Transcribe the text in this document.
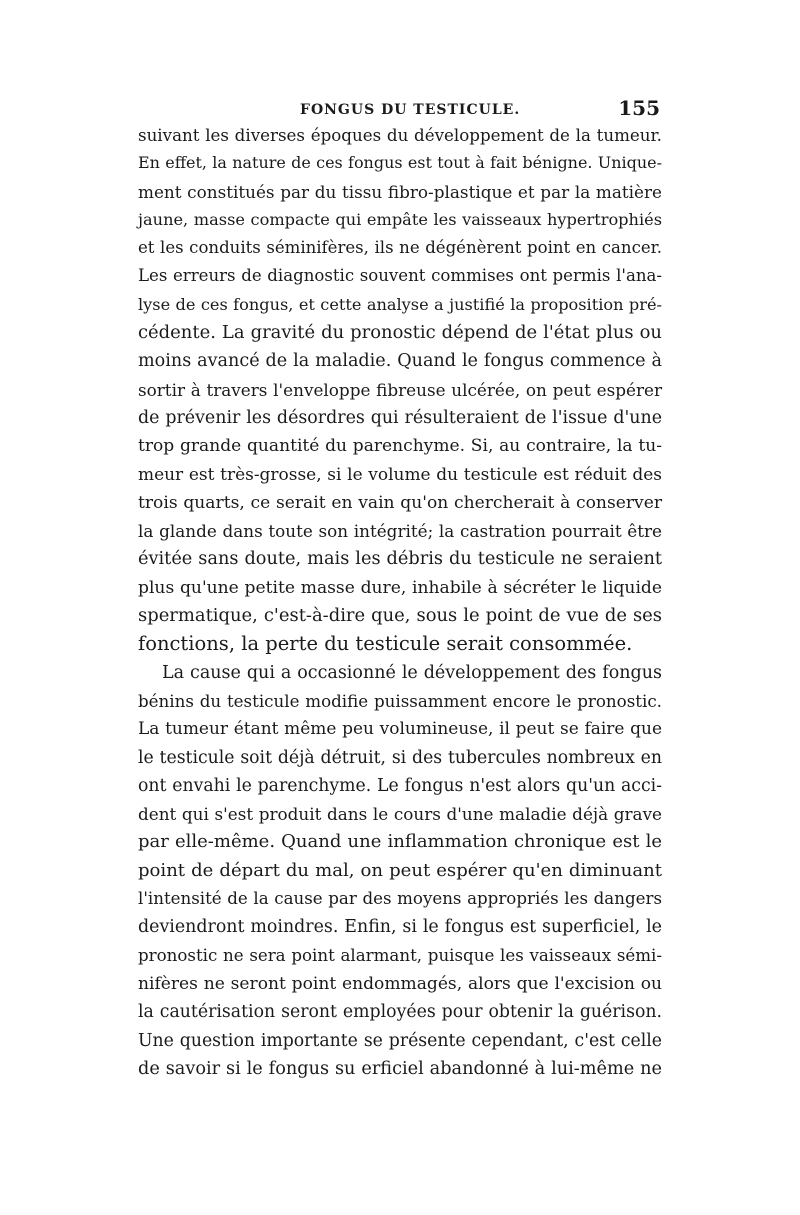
FONGUS DU TESTICULE.	155
suivant les diverses époques du développement de la tumeur.
En effet, la nature de ces fongus est tout à fait bénigne. Unique-
ment constitués par du tissu fibro-plastique et par la matière
jaune, masse compacte qui empâte les vaisseaux hypertrophiés
et les conduits séminifères, ils ne dégénèrent point en cancer.
Les erreurs de diagnostic souvent commises ont permis l'ana-
lyse de ces fongus, et cette analyse a justifié la proposition pré-
cédente. La gravité du pronostic dépend de l'état plus ou
moins avancé de la maladie. Quand le fongus commence à
sortir à travers l'enveloppe fibreuse ulcérée, on peut espérer
de prévenir les désordres qui résulteraient de l'issue d'une
trop grande quantité du parenchyme. Si, au contraire, la tu-
meur est très-grosse, si le volume du testicule est réduit des
trois quarts, ce serait en vain qu'on chercherait à conserver
la glande dans toute son intégrité; la castration pourrait être
évitée sans doute, mais les débris du testicule ne seraient
plus qu'une petite masse dure, inhabile à sécréter le liquide
spermatique, c'est-à-dire que, sous le point de vue de ses
fonctions, la perte du testicule serait consommée.
La cause qui a occasionné le développement des fongus
bénins du testicule modifie puissamment encore le pronostic.
La tumeur étant même peu volumineuse, il peut se faire que
le testicule soit déjà détruit, si des tubercules nombreux en
ont envahi le parenchyme. Le fongus n'est alors qu'un acci-
dent qui s'est produit dans le cours d'une maladie déjà grave
par elle-même. Quand une inflammation chronique est le
point de départ du mal, on peut espérer qu'en diminuant
l'intensité de la cause par des moyens appropriés les dangers
deviendront moindres. Enfin, si le fongus est superficiel, le
pronostic ne sera point alarmant, puisque les vaisseaux sémi-
nifères ne seront point endommagés, alors que l'excision ou
la cautérisation seront employées pour obtenir la guérison.
Une question importante se présente cependant, c'est celle
de savoir si le fongus su erficiel abandonné à lui-même ne
